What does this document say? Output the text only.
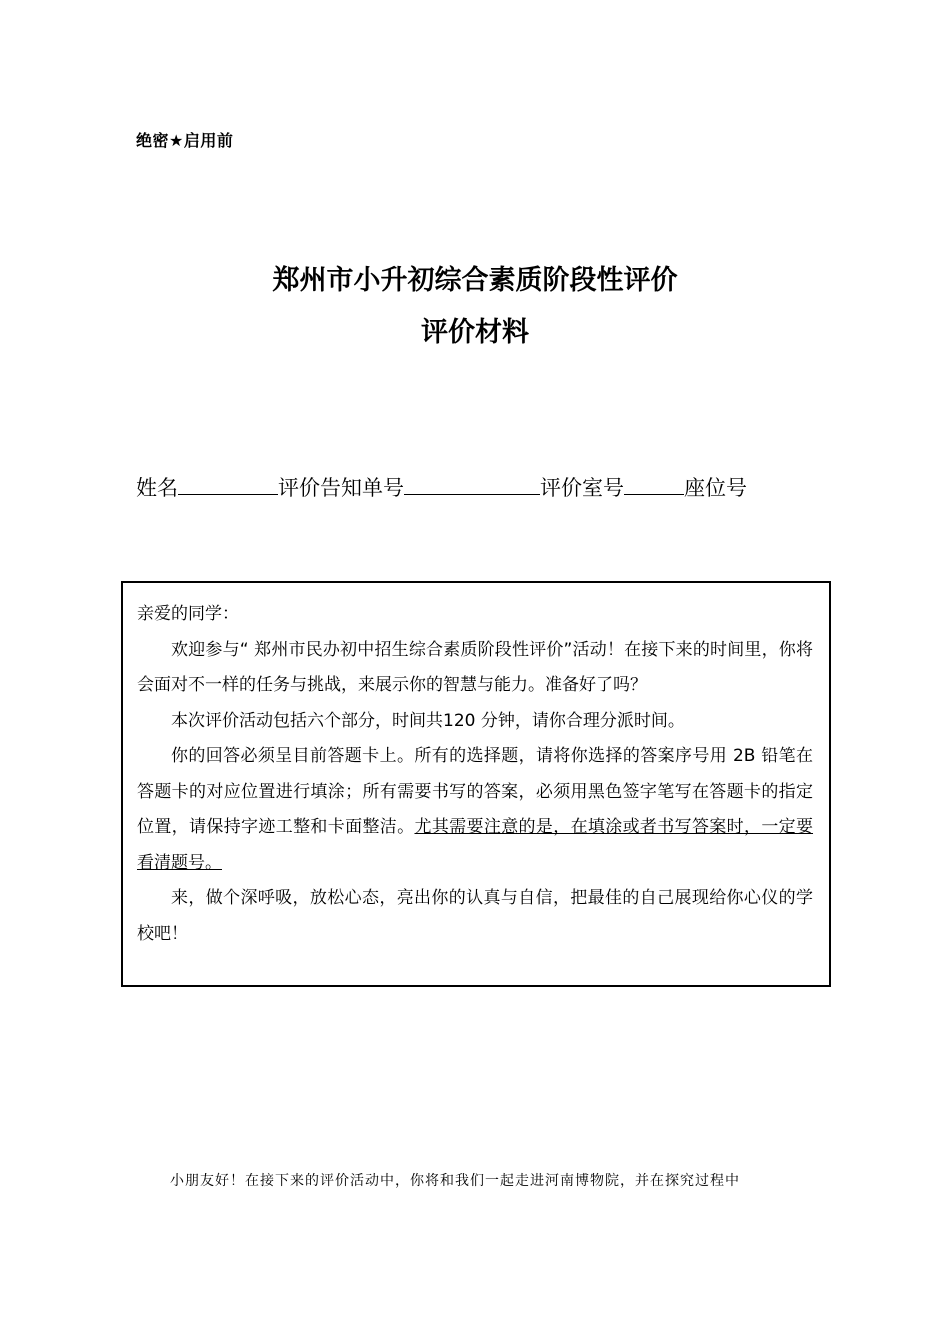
绝密★启用前
郑州市小升初综合素质阶段性评价
评价材料
姓名	评价告知单号	评价室号	座位号

亲爱的同学：

欢迎参与“ 郑州市民办初中招生综合素质阶段性评价”活动！在接下来的时间里，你将会面对不一样的任务与挑战，来展示你的智慧与能力。准备好了吗？

本次评价活动包括六个部分，时间共120 分钟，请你合理分派时间。

你的回答必须呈目前答题卡上。所有的选择题，请将你选择的答案序号用 2B 铅笔在答题卡的对应位置进行填涂；所有需要书写的答案，必须用黑色签字笔写在答题卡的指定位置，请保持字迹工整和卡面整洁。尤其需要注意的是，在填涂或者书写答案时，一定要看清题号。

来，做个深呼吸，放松心态，亮出你的认真与自信，把最佳的自己展现给你心仪的学校吧！

小朋友好！在接下来的评价活动中，你将和我们一起走进河南博物院，并在探究过程中
